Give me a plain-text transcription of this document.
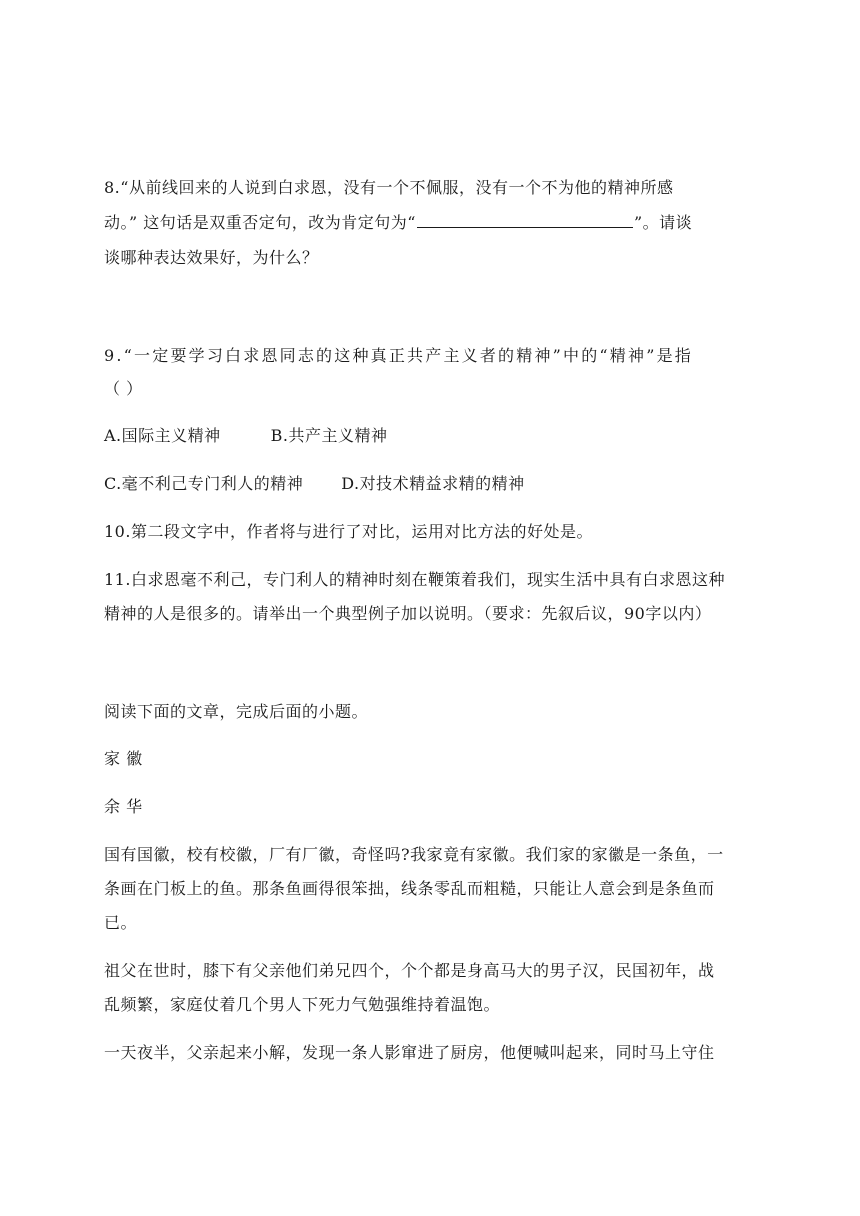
8.“从前线回来的人说到白求恩，没有一个不佩服，没有一个不为他的精神所感
动。” 这句话是双重否定句，改为肯定句为“	”。请谈
谈哪种表达效果好，为什么？
9.“一定要学习白求恩同志的这种真正共产主义者的精神”中的“精神”是指
（ ）
A.国际主义精神	B.共产主义精神
C.毫不利己专门利人的精神 D.对技术精益求精的精神
10.第二段文字中，作者将与进行了对比，运用对比方法的好处是。
11.白求恩毫不利己，专门利人的精神时刻在鞭策着我们，现实生活中具有白求恩这种
精神的人是很多的。请举出一个典型例子加以说明。（要求：先叙后议，90字以内）
阅读下面的文章，完成后面的小题。
家 徽
余 华
国有国徽，校有校徽，厂有厂徽，奇怪吗?我家竟有家徽。我们家的家徽是一条鱼，一
条画在门板上的鱼。那条鱼画得很笨拙，线条零乱而粗糙，只能让人意会到是条鱼而
已。
祖父在世时，膝下有父亲他们弟兄四个，个个都是身高马大的男子汉，民国初年，战
乱频繁，家庭仗着几个男人下死力气勉强维持着温饱。
一天夜半，父亲起来小解，发现一条人影窜进了厨房，他便喊叫起来，同时马上守住
